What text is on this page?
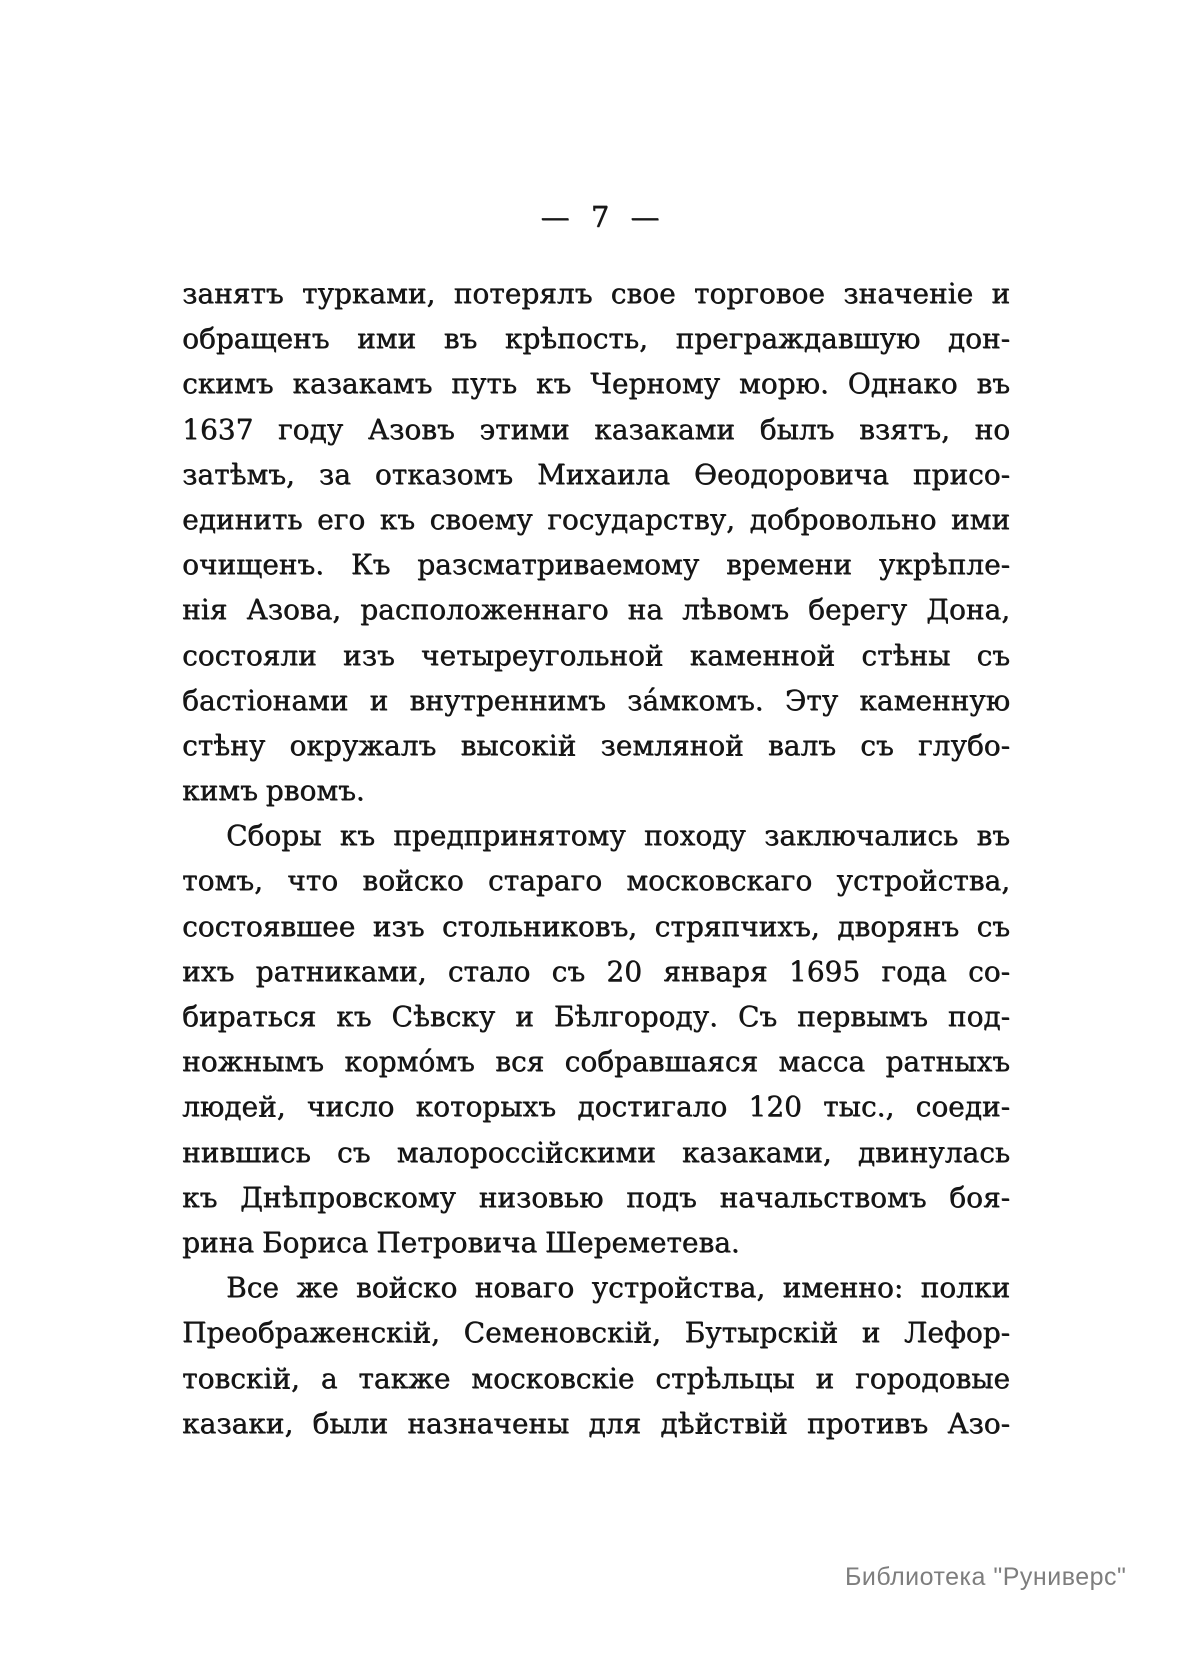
— 7 —
занятъ турками, потерялъ свое торговое значеніе и
обращенъ ими въ крѣпость, преграждавшую дон-
скимъ казакамъ путь къ Черному морю. Однако въ
1637 году Азовъ этими казаками былъ взятъ, но
затѣмъ, за отказомъ Михаила Ѳеодоровича присо-
единить его къ своему государству, добровольно ими
очищенъ. Къ разсматриваемому времени укрѣпле-
нія Азова, расположеннаго на лѣвомъ берегу Дона,
состояли изъ четыреугольной каменной стѣны съ
бастіонами и внутреннимъ за́мкомъ. Эту каменную
стѣну окружалъ высокій земляной валъ съ глубо-
кимъ рвомъ.
Сборы къ предпринятому походу заключались въ
томъ, что войско стараго московскаго устройства,
состоявшее изъ стольниковъ, стряпчихъ, дворянъ съ
ихъ ратниками, стало съ 20 января 1695 года со-
бираться къ Сѣвску и Бѣлгороду. Съ первымъ под-
ножнымъ кормо́мъ вся собравшаяся масса ратныхъ
людей, число которыхъ достигало 120 тыс., соеди-
нившись съ малороссійскими казаками, двинулась
къ Днѣпровскому низовью подъ начальствомъ боя-
рина Бориса Петровича Шереметева.
Все же войско новаго устройства, именно: полки
Преображенскій, Семеновскій, Бутырскій и Лефор-
товскій, а также московскіе стрѣльцы и городовые
казаки, были назначены для дѣйствій противъ Азо-
Библиотека "Руниверс"
